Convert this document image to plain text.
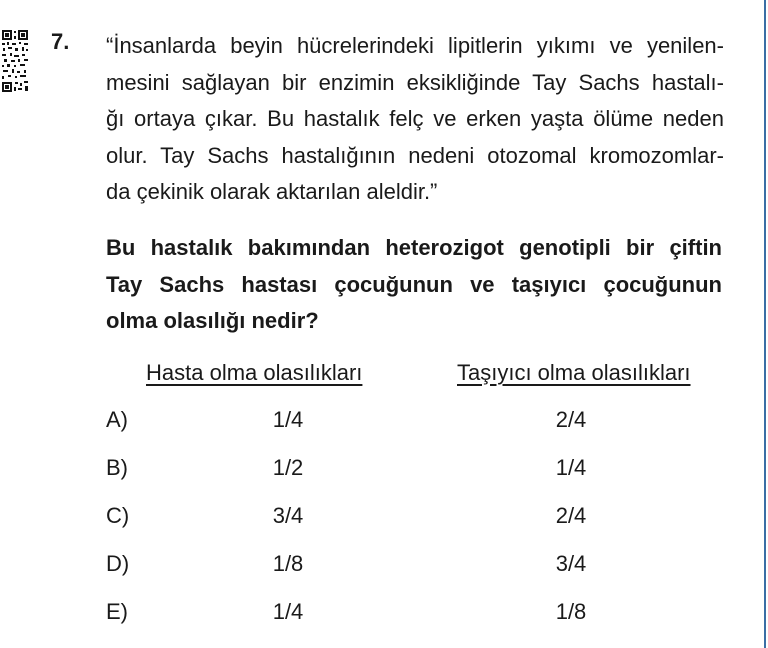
7. “İnsanlarda beyin hücrelerindeki lipitlerin yıkımı ve yenilen-
mesini sağlayan bir enzimin eksikliğinde Tay Sachs hastalı-
ğı ortaya çıkar. Bu hastalık felç ve erken yaşta ölüme neden
olur. Tay Sachs hastalığının nedeni otozomal kromozomlar-
da çekinik olarak aktarılan aleldir.”
Bu hastalık bakımından heterozigot genotipli bir çiftin
Tay Sachs hastası çocuğunun ve taşıyıcı çocuğunun
olma olasılığı nedir?
Hasta olma olasılıkları	Taşıyıcı olma olasılıkları
A)	1/4	2/4
B)	1/2	1/4
C)	3/4	2/4
D)	1/8	3/4
E)	1/4	1/8
